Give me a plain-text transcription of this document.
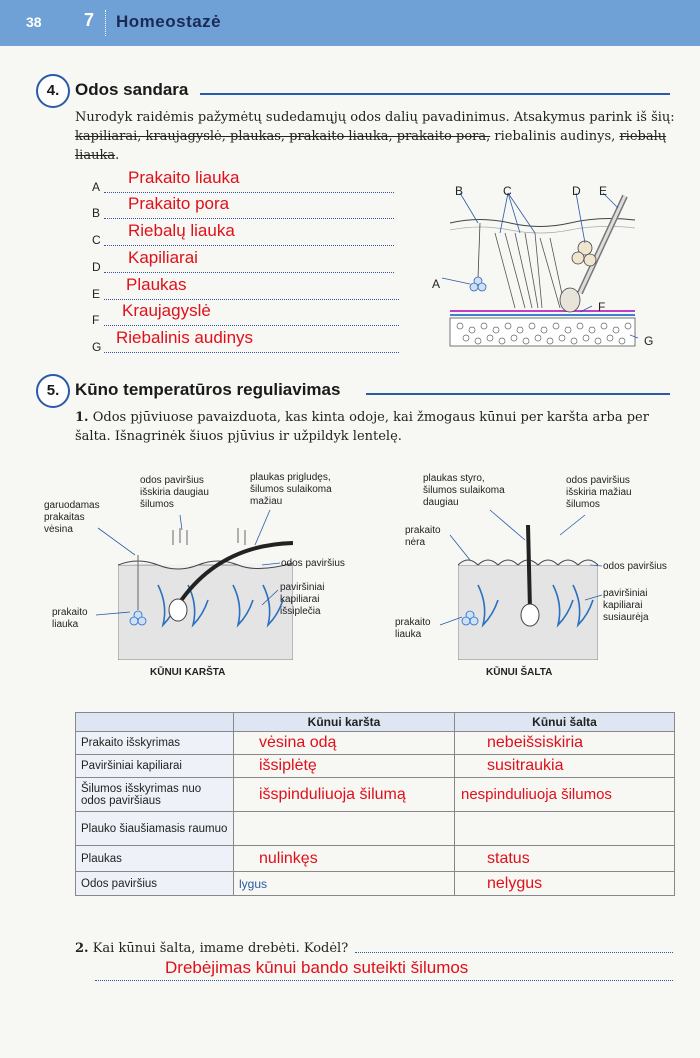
38 7 Homeostazė
4. Odos sandara
Nurodyk raidėmis pažymėtų sudedamųjų odos dalių pavadinimus. Atsakymus parink iš šių: kapiliarai, kraujagyslė, plaukas, prakaito liauka, prakaito pora, riebalinis audinys, riebalų liauka.
A Prakaito liauka
B Prakaito pora
C Riebalų liauka
D Kapiliarai
E Plaukas
F Kraujagyslė
G Riebalinis audinys
B	C	D E
A
F
G
5. Kūno temperatūros reguliavimas
1. Odos pjūviuose pavaizduota, kas kinta odoje, kai žmogaus kūnui per karšta arba per šalta. Išnagrinėk šiuos pjūvius ir užpildyk lentelę.
KŪNUI KARŠTA	KŪNUI ŠALTA
garuodamas
prakaitas
vėsina
odos paviršius
išskiria daugiau
šilumos
plaukas prigludęs,
šilumos sulaikoma
mažiau
odos paviršius
paviršiniai
kapiliarai
išsiplečia
prakaito
liauka
plaukas styro,
šilumos sulaikoma
daugiau
odos paviršius
išskiria mažiau
šilumos
prakaito
nėra
odos paviršius
paviršiniai
kapiliarai
susiaurėja
prakaito
liauka
	Kūnui karšta	Kūnui šalta
Prakaito išskyrimas	vėsina odą	nebeišsiskiria
Paviršiniai kapiliarai	išsiplėtę	susitraukia
Šilumos išskyrimas nuo odos paviršiaus	išspinduliuoja šilumą	nespinduliuoja šilumos
Plauko šiaušiamasis raumuo		
Plaukas	nulinkęs	status
Odos paviršius	lygus	nelygus
2. Kai kūnui šalta, imame drebėti. Kodėl?
Drebėjimas kūnui bando suteikti šilumos
